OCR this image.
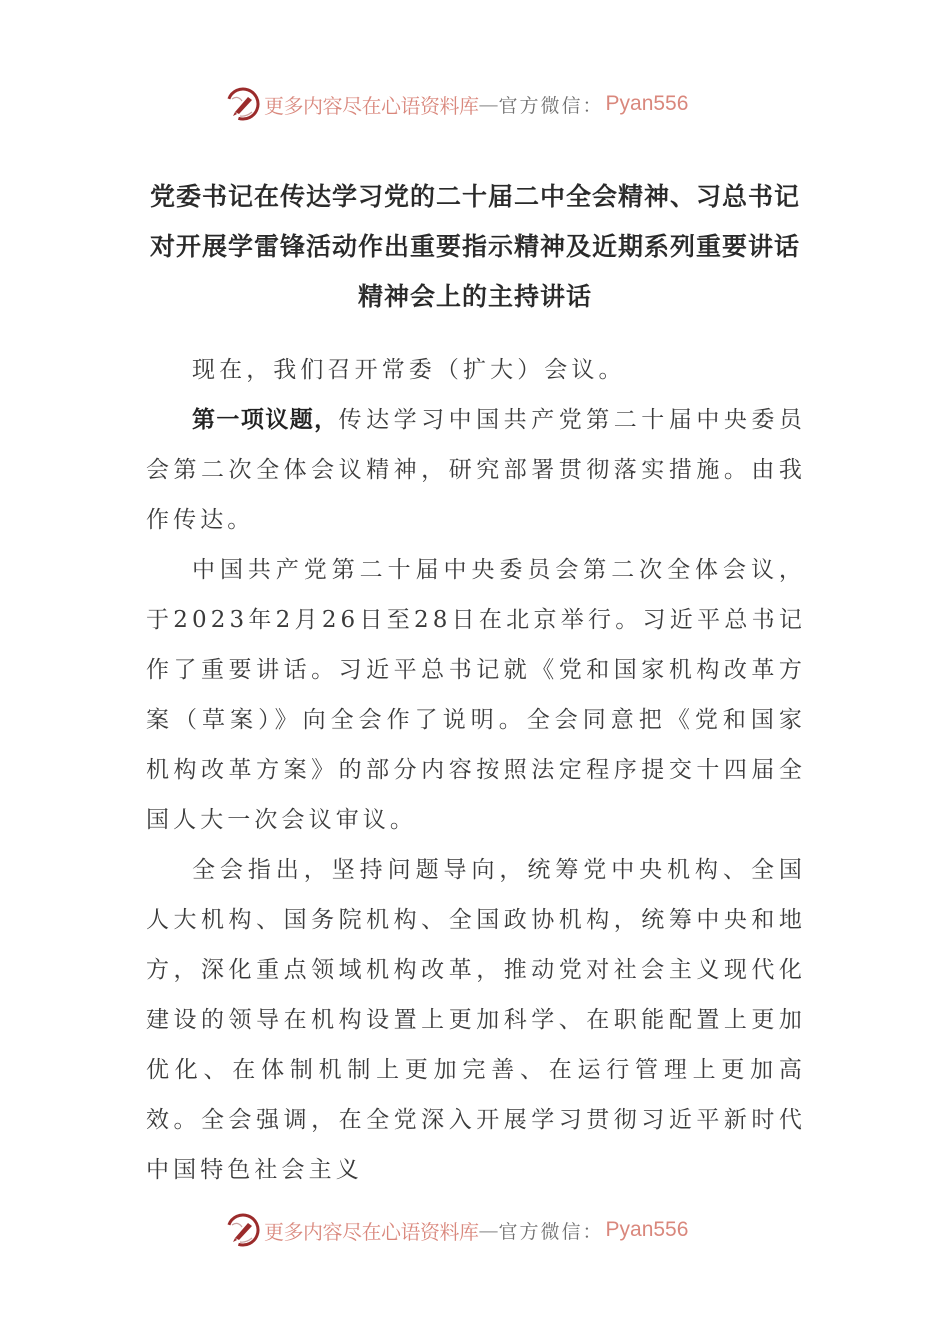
更多内容尽在心语资料库 — 官方微信： Pyan556
党委书记在传达学习党的二十届二中全会精神、习总书记对开展学雷锋活动作出重要指示精神及近期系列重要讲话精神会上的主持讲话

现在，我们召开常委（扩大）会议。

第一项议题，传达学习中国共产党第二十届中央委员会第二次全体会议精神，研究部署贯彻落实措施。由我作传达。

中国共产党第二十届中央委员会第二次全体会议，于2023年2月26日至28日在北京举行。习近平总书记作了重要讲话。习近平总书记就《党和国家机构改革方案（草案）》向全会作了说明。全会同意把《党和国家机构改革方案》的部分内容按照法定程序提交十四届全国人大一次会议审议。

全会指出，坚持问题导向，统筹党中央机构、全国人大机构、国务院机构、全国政协机构，统筹中央和地方，深化重点领域机构改革，推动党对社会主义现代化建设的领导在机构设置上更加科学、在职能配置上更加优化、在体制机制上更加完善、在运行管理上更加高效。全会强调，在全党深入开展学习贯彻习近平新时代中国特色社会主义

更多内容尽在心语资料库 — 官方微信： Pyan556
